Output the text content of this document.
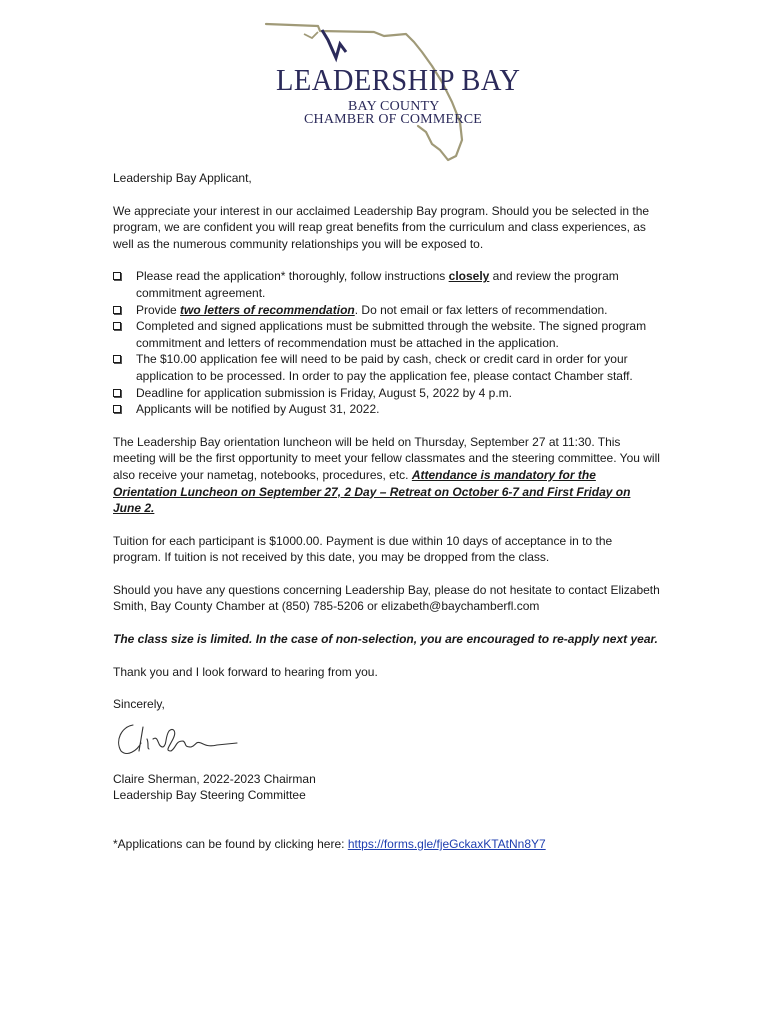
LEADERSHIP BAY
BAY COUNTY
CHAMBER OF COMMERCE

Leadership Bay Applicant,

We appreciate your interest in our acclaimed Leadership Bay program. Should you be selected in the program, we are confident you will reap great benefits from the curriculum and class experiences, as well as the numerous community relationships you will be exposed to.

Please read the application* thoroughly, follow instructions closely and review the program commitment agreement.
Provide two letters of recommendation. Do not email or fax letters of recommendation.
Completed and signed applications must be submitted through the website. The signed program commitment and letters of recommendation must be attached in the application.
The $10.00 application fee will need to be paid by cash, check or credit card in order for your application to be processed. In order to pay the application fee, please contact Chamber staff.
Deadline for application submission is Friday, August 5, 2022 by 4 p.m.
Applicants will be notified by August 31, 2022.

The Leadership Bay orientation luncheon will be held on Thursday, September 27 at 11:30. This meeting will be the first opportunity to meet your fellow classmates and the steering committee. You will also receive your nametag, notebooks, procedures, etc. Attendance is mandatory for the Orientation Luncheon on September 27, 2 Day – Retreat on October 6-7 and First Friday on June 2.

Tuition for each participant is $1000.00. Payment is due within 10 days of acceptance in to the program. If tuition is not received by this date, you may be dropped from the class.

Should you have any questions concerning Leadership Bay, please do not hesitate to contact Elizabeth Smith, Bay County Chamber at (850) 785-5206 or elizabeth@baychamberfl.com

The class size is limited. In the case of non-selection, you are encouraged to re-apply next year.

Thank you and I look forward to hearing from you.

Sincerely,

Claire Sherman, 2022-2023 Chairman

Leadership Bay Steering Committee

*Applications can be found by clicking here: https://forms.gle/fjeGckaxKTAtNn8Y7
